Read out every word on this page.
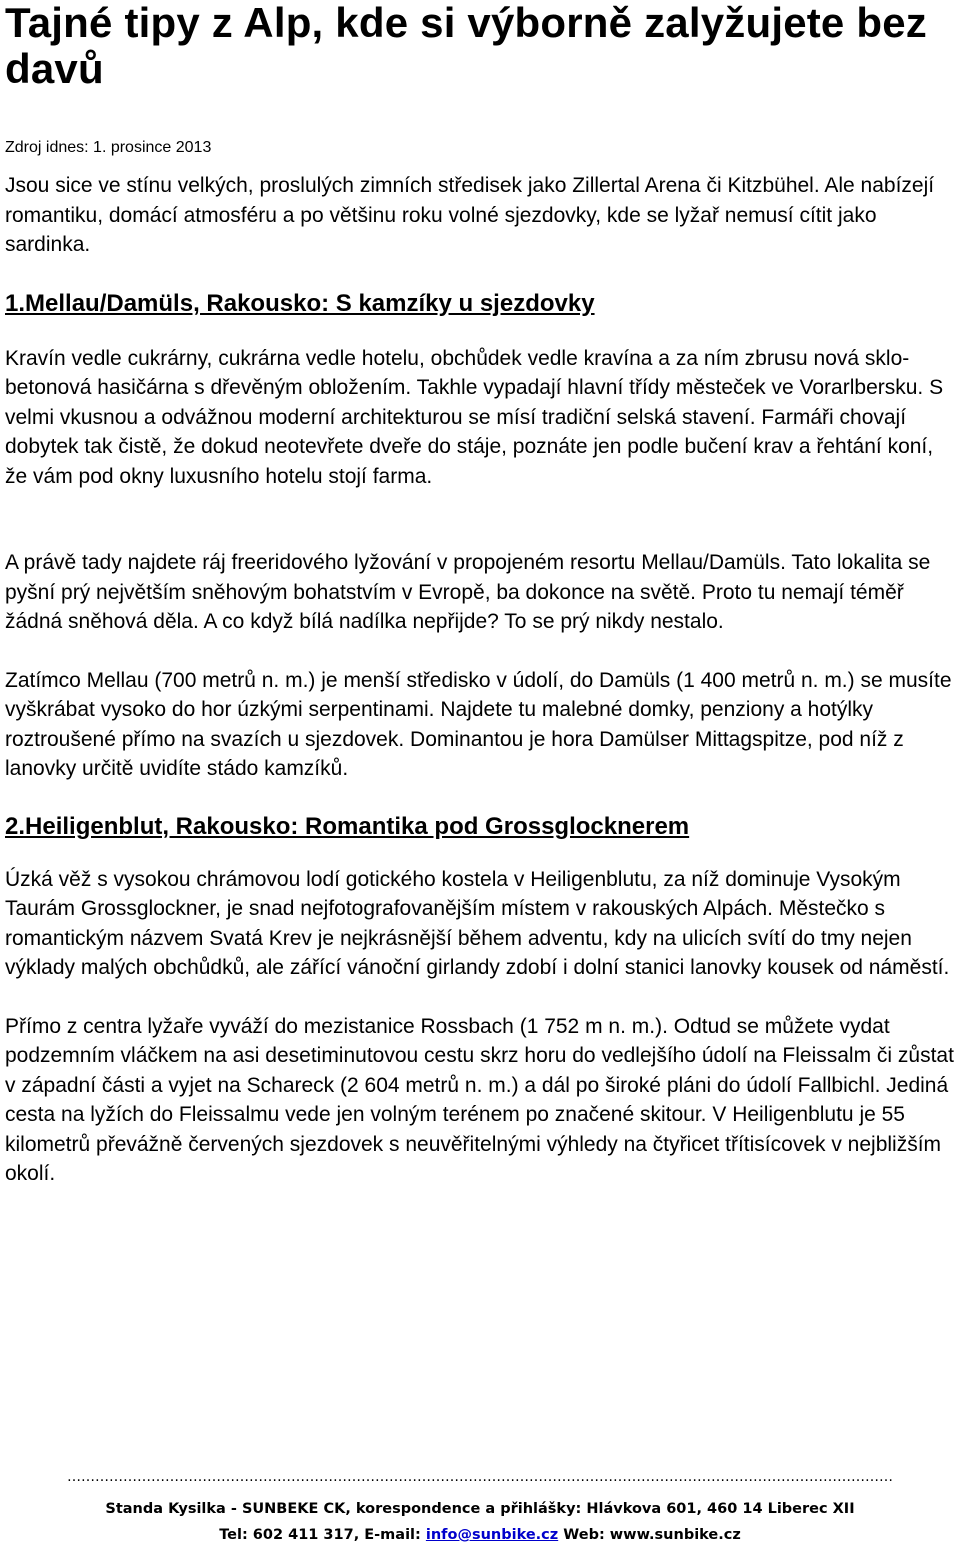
Tajné tipy z Alp, kde si výborně zalyžujete bez davů
Zdroj idnes: 1. prosince 2013

Jsou sice ve stínu velkých, proslulých zimních středisek jako Zillertal Arena či Kitzbühel. Ale nabízejí romantiku, domácí atmosféru a po většinu roku volné sjezdovky, kde se lyžař nemusí cítit jako sardinka.

1.Mellau/Damüls, Rakousko: S kamzíky u sjezdovky

Kravín vedle cukrárny, cukrárna vedle hotelu, obchůdek vedle kravína a za ním zbrusu nová sklo-betonová hasičárna s dřevěným obložením. Takhle vypadají hlavní třídy městeček ve Vorarlbersku. S velmi vkusnou a odvážnou moderní architekturou se mísí tradiční selská stavení. Farmáři chovají dobytek tak čistě, že dokud neotevřete dveře do stáje, poznáte jen podle bučení krav a řehtání koní, že vám pod okny luxusního hotelu stojí farma.

A právě tady najdete ráj freeridového lyžování v propojeném resortu Mellau/Damüls. Tato lokalita se pyšní prý největším sněhovým bohatstvím v Evropě, ba dokonce na světě. Proto tu nemají téměř žádná sněhová děla. A co když bílá nadílka nepřijde? To se prý nikdy nestalo.

Zatímco Mellau (700 metrů n. m.) je menší středisko v údolí, do Damüls (1 400 metrů n. m.) se musíte vyškrábat vysoko do hor úzkými serpentinami. Najdete tu malebné domky, penziony a hotýlky roztroušené přímo na svazích u sjezdovek. Dominantou je hora Damülser Mittagspitze, pod níž z lanovky určitě uvidíte stádo kamzíků.

2.Heiligenblut, Rakousko: Romantika pod Grossglocknerem

Úzká věž s vysokou chrámovou lodí gotického kostela v Heiligenblutu, za níž dominuje Vysokým Taurám Grossglockner, je snad nejfotografovanějším místem v rakouských Alpách. Městečko s romantickým názvem Svatá Krev je nejkrásnější během adventu, kdy na ulicích svítí do tmy nejen výklady malých obchůdků, ale zářící vánoční girlandy zdobí i dolní stanici lanovky kousek od náměstí.

Přímo z centra lyžaře vyváží do mezistanice Rossbach (1 752 m n. m.). Odtud se můžete vydat podzemním vláčkem na asi desetiminutovou cestu skrz horu do vedlejšího údolí na Fleissalm či zůstat v západní části a vyjet na Schareck (2 604 metrů n. m.) a dál po široké pláni do údolí Fallbichl. Jediná cesta na lyžích do Fleissalmu vede jen volným terénem po značené skitour. V Heiligenblutu je 55 kilometrů převážně červených sjezdovek s neuvěřitelnými výhledy na čtyřicet třítisícovek v nejbližším okolí.

……………………………………………………………………………………………………………………………………………………………
Standa Kysilka - SUNBEKE CK, korespondence a přihlášky: Hlávkova 601, 460 14 Liberec XII
Tel: 602 411 317, E-mail: info@sunbike.cz Web: www.sunbike.cz
